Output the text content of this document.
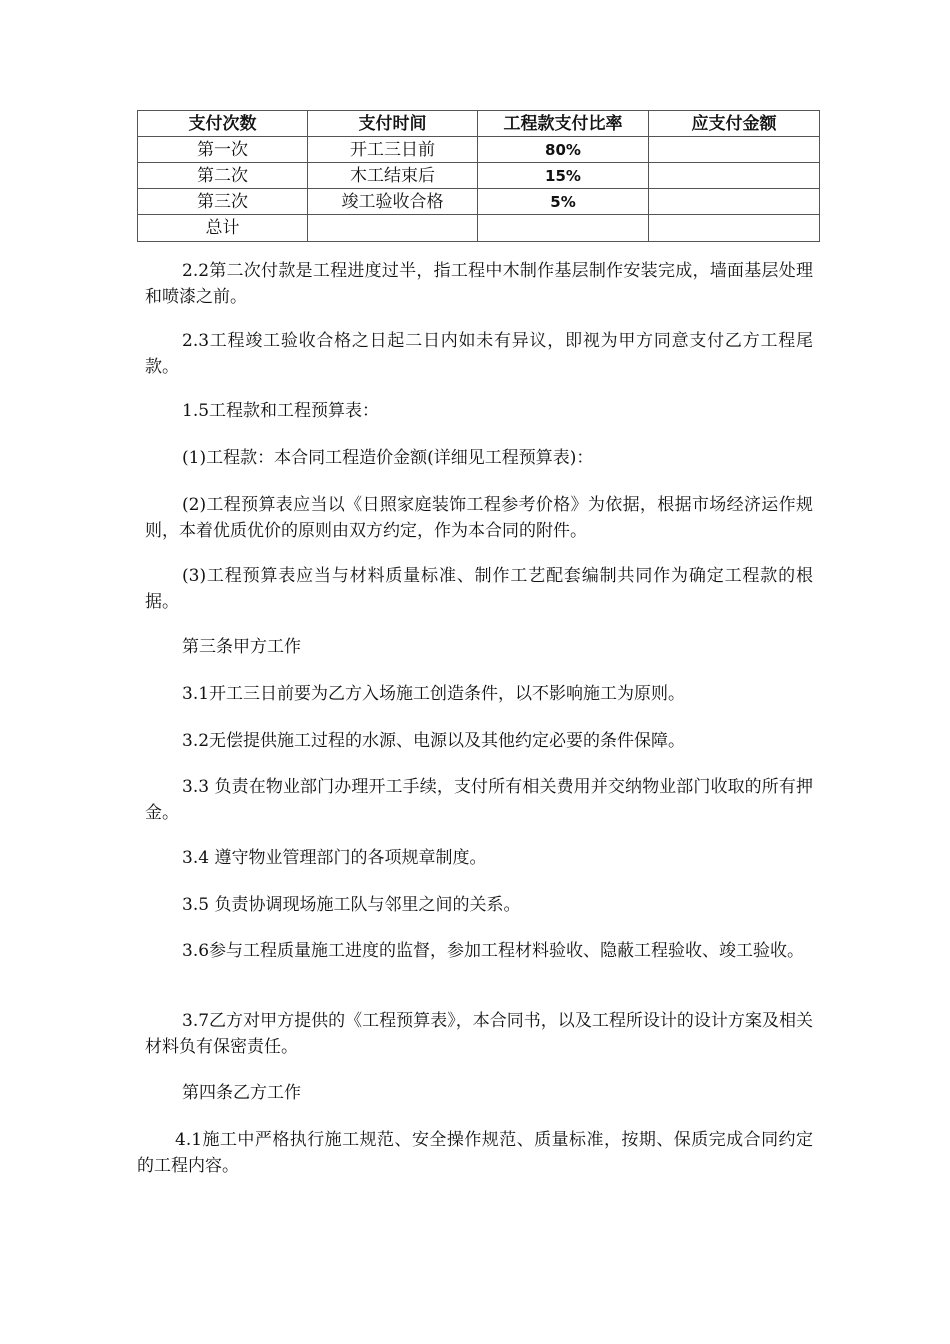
支付次数	支付时间	工程款支付比率	应支付金额
第一次	开工三日前	80%	
第二次	木工结束后	15%	
第三次	竣工验收合格	5%	
总计			

2.2第二次付款是工程进度过半，指工程中木制作基层制作安装完成，墙面基层处理和喷漆之前。

2.3工程竣工验收合格之日起二日内如未有异议，即视为甲方同意支付乙方工程尾款。

1.5工程款和工程预算表：

(1)工程款：本合同工程造价金额(详细见工程预算表)：

(2)工程预算表应当以《日照家庭装饰工程参考价格》为依据，根据市场经济运作规则，本着优质优价的原则由双方约定，作为本合同的附件。

(3)工程预算表应当与材料质量标准、制作工艺配套编制共同作为确定工程款的根据。

第三条甲方工作

3.1开工三日前要为乙方入场施工创造条件，以不影响施工为原则。

3.2无偿提供施工过程的水源、电源以及其他约定必要的条件保障。

3.3 负责在物业部门办理开工手续，支付所有相关费用并交纳物业部门收取的所有押金。

3.4 遵守物业管理部门的各项规章制度。

3.5 负责协调现场施工队与邻里之间的关系。

3.6参与工程质量施工进度的监督，参加工程材料验收、隐蔽工程验收、竣工验收。

3.7乙方对甲方提供的《工程预算表》，本合同书，以及工程所设计的设计方案及相关材料负有保密责任。

第四条乙方工作

4.1施工中严格执行施工规范、安全操作规范、质量标准，按期、保质完成合同约定的工程内容。
